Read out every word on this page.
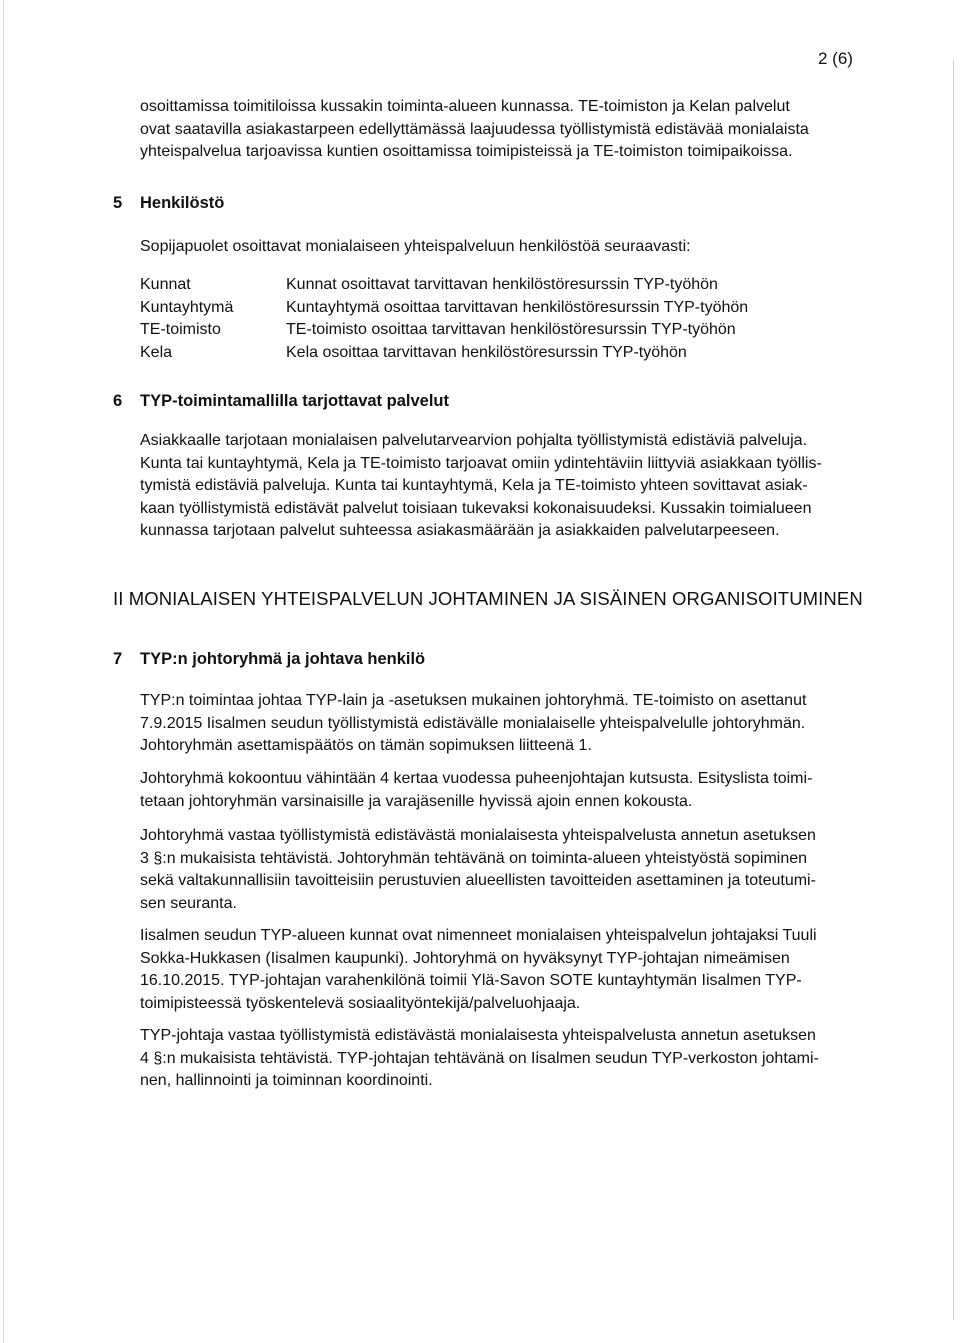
2 (6)

osoittamissa toimitiloissa kussakin toiminta-alueen kunnassa. TE-toimiston ja Kelan palvelut

ovat saatavilla asiakastarpeen edellyttämässä laajuudessa työllistymistä edistävää monialaista

yhteispalvelua tarjoavissa kuntien osoittamissa toimipisteissä ja TE-toimiston toimipaikoissa.

5 Henkilöstö

Sopijapuolet osoittavat monialaiseen yhteispalveluun henkilöstöä seuraavasti:

Kunnat	Kunnat osoittavat tarvittavan henkilöstöresurssin TYP-työhön
Kuntayhtymä	Kuntayhtymä osoittaa tarvittavan henkilöstöresurssin TYP-työhön
TE-toimisto	TE-toimisto osoittaa tarvittavan henkilöstöresurssin TYP-työhön
Kela	Kela osoittaa tarvittavan henkilöstöresurssin TYP-työhön
6 TYP-toimintamallilla tarjottavat palvelut

Asiakkaalle tarjotaan monialaisen palvelutarvearvion pohjalta työllistymistä edistäviä palveluja.

Kunta tai kuntayhtymä, Kela ja TE-toimisto tarjoavat omiin ydintehtäviin liittyviä asiakkaan työllis-

tymistä edistäviä palveluja. Kunta tai kuntayhtymä, Kela ja TE-toimisto yhteen sovittavat asiak-

kaan työllistymistä edistävät palvelut toisiaan tukevaksi kokonaisuudeksi. Kussakin toimialueen

kunnassa tarjotaan palvelut suhteessa asiakasmäärään ja asiakkaiden palvelutarpeeseen.

II MONIALAISEN YHTEISPALVELUN JOHTAMINEN JA SISÄINEN ORGANISOITUMINEN
7 TYP:n johtoryhmä ja johtava henkilö

TYP:n toimintaa johtaa TYP-lain ja -asetuksen mukainen johtoryhmä. TE-toimisto on asettanut

7.9.2015 Iisalmen seudun työllistymistä edistävälle monialaiselle yhteispalvelulle johtoryhmän.

Johtoryhmän asettamispäätös on tämän sopimuksen liitteenä 1.

Johtoryhmä kokoontuu vähintään 4 kertaa vuodessa puheenjohtajan kutsusta. Esityslista toimi-

tetaan johtoryhmän varsinaisille ja varajäsenille hyvissä ajoin ennen kokousta.

Johtoryhmä vastaa työllistymistä edistävästä monialaisesta yhteispalvelusta annetun asetuksen

3 §:n mukaisista tehtävistä. Johtoryhmän tehtävänä on toiminta-alueen yhteistyöstä sopiminen

sekä valtakunnallisiin tavoitteisiin perustuvien alueellisten tavoitteiden asettaminen ja toteutumi-

sen seuranta.

Iisalmen seudun TYP-alueen kunnat ovat nimenneet monialaisen yhteispalvelun johtajaksi Tuuli

Sokka-Hukkasen (Iisalmen kaupunki). Johtoryhmä on hyväksynyt TYP-johtajan nimeämisen

16.10.2015. TYP-johtajan varahenkilönä toimii Ylä-Savon SOTE kuntayhtymän Iisalmen TYP-

toimipisteessä työskentelevä sosiaalityöntekijä/palveluohjaaja.

TYP-johtaja vastaa työllistymistä edistävästä monialaisesta yhteispalvelusta annetun asetuksen

4 §:n mukaisista tehtävistä. TYP-johtajan tehtävänä on Iisalmen seudun TYP-verkoston johtami-

nen, hallinnointi ja toiminnan koordinointi.
